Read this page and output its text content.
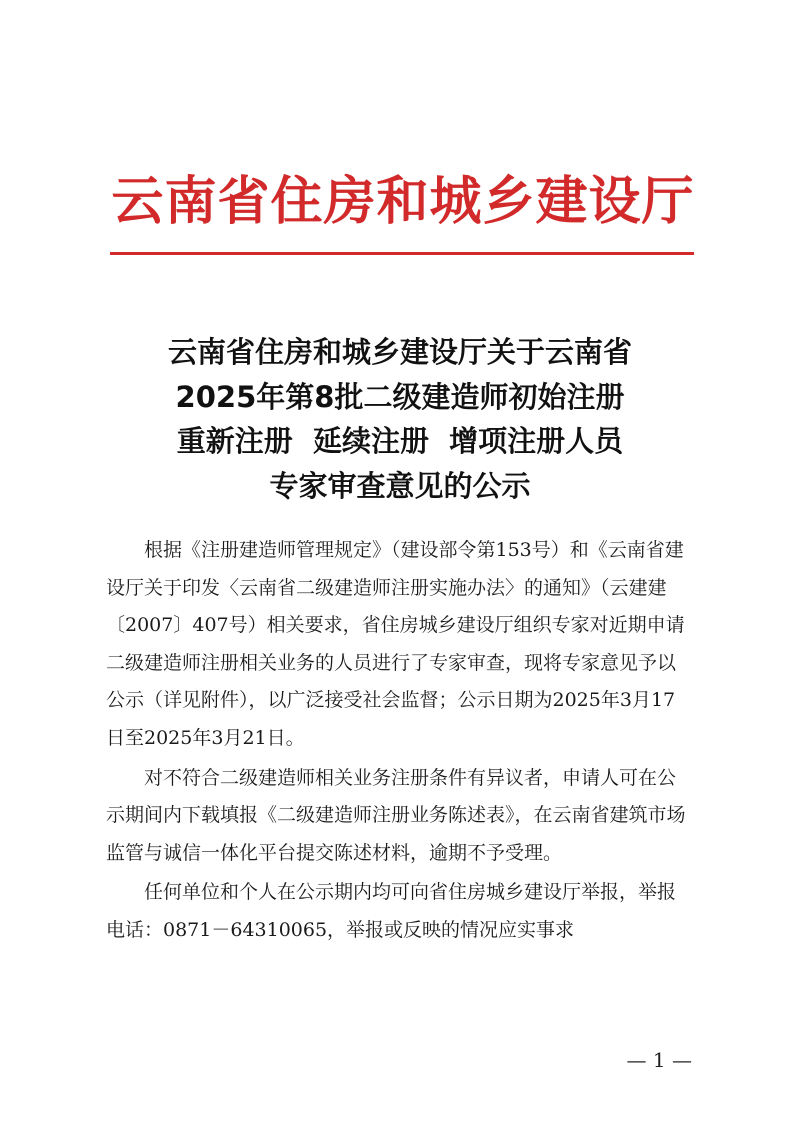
云南省住房和城乡建设厅
云南省住房和城乡建设厅关于云南省
2025年第8批二级建造师初始注册
重新注册  延续注册  增项注册人员
专家审查意见的公示

根据《注册建造师管理规定》（建设部令第153号）和《云南省建设厅关于印发〈云南省二级建造师注册实施办法〉的通知》（云建建〔2007〕407号）相关要求，省住房城乡建设厅组织专家对近期申请二级建造师注册相关业务的人员进行了专家审查，现将专家意见予以公示（详见附件），以广泛接受社会监督；公示日期为2025年3月17日至2025年3月21日。

对不符合二级建造师相关业务注册条件有异议者，申请人可在公示期间内下载填报《二级建造师注册业务陈述表》，在云南省建筑市场监管与诚信一体化平台提交陈述材料，逾期不予受理。

任何单位和个人在公示期内均可向省住房城乡建设厅举报，举报电话：0871－64310065，举报或反映的情况应实事求

— 1 —
